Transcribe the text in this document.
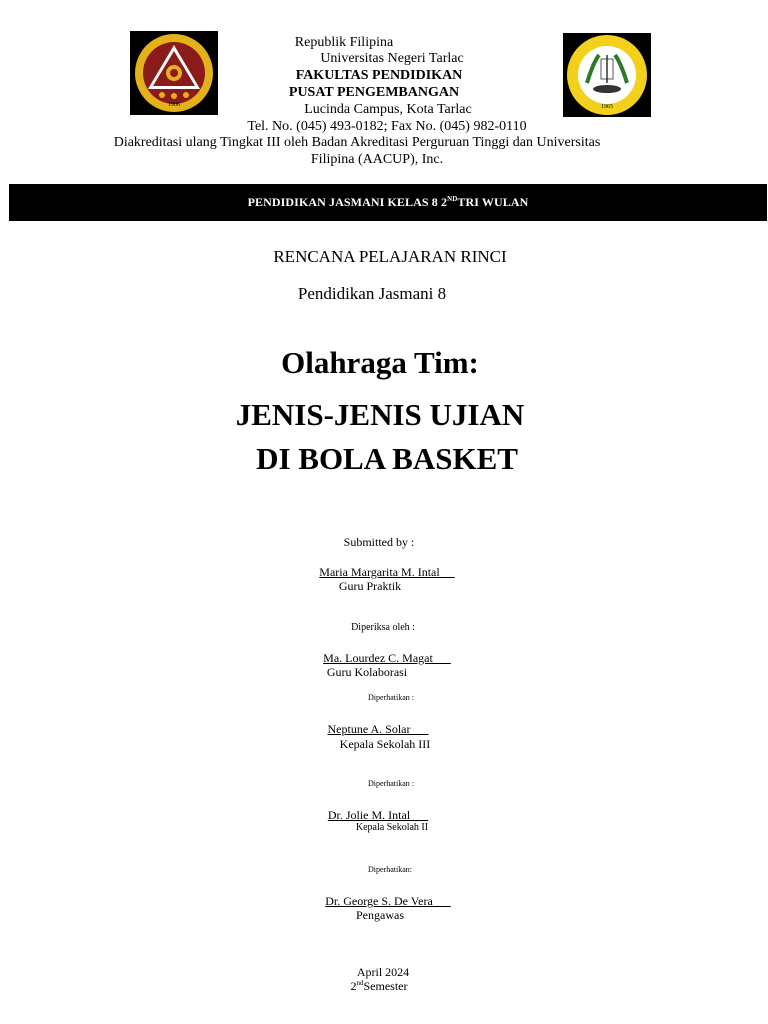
1906	1965
Republik Filipina
Universitas Negeri Tarlac
FAKULTAS PENDIDIKAN
PUSAT PENGEMBANGAN
Lucinda Campus, Kota Tarlac
Tel. No. (045) 493-0182; Fax No. (045) 982-0110
Diakreditasi ulang Tingkat III oleh Badan Akreditasi Perguruan Tinggi dan Universitas
Filipina (AACUP), Inc.
PENDIDIKAN JASMANI KELAS 8 2NDTRI WULAN
RENCANA PELAJARAN RINCI
Pendidikan Jasmani 8
Olahraga Tim:
JENIS-JENIS UJIAN
DI BOLA BASKET
Submitted by :
Maria Margarita M. Intal
Guru Praktik
Diperiksa oleh :
Ma. Lourdez C. Magat
Guru Kolaborasi
Diperhatikan :
Neptune A. Solar
Kepala Sekolah III
Diperhatikan :
Dr. Jolie M. Intal
Kepala Sekolah II
Diperhatikan:
Dr. George S. De Vera
Pengawas
April 2024
2ndSemester
